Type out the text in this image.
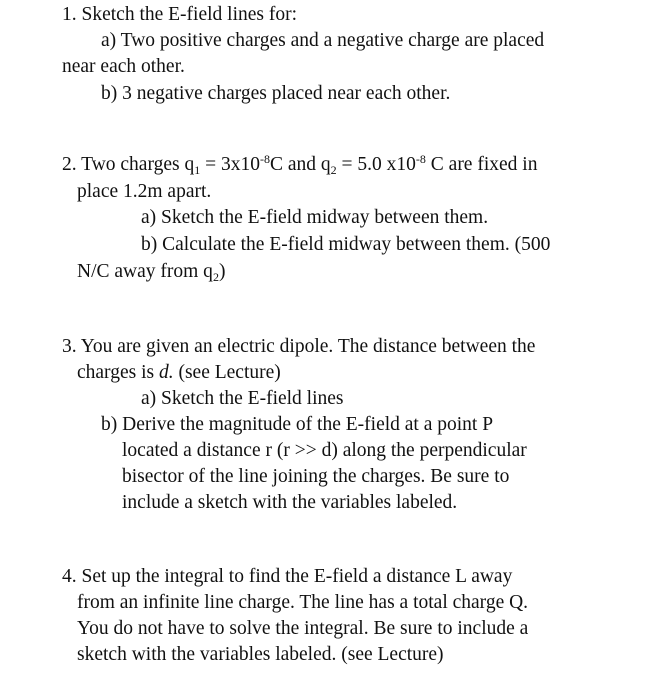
1. Sketch the E-field lines for:
a) Two positive charges and a negative charge are placed
near each other.
b) 3 negative charges placed near each other.
2. Two charges $q_1 = 3x10^{-8}C$ and $q_2 = 5.0$ $x10^{-8}$ C are fixed in
place 1.2m apart.
a) Sketch the E-field midway between them.
b) Calculate the E-field midway between them. (500
N/C away from $q_2$)
3. You are given an electric dipole. The distance between the
charges is d. (see Lecture)
a) Sketch the E-field lines
b) Derive the magnitude of the E-field at a point P
located a distance r (r >> d) along the perpendicular
bisector of the line joining the charges. Be sure to
include a sketch with the variables labeled.
4. Set up the integral to find the E-field a distance L away
from an infinite line charge. The line has a total charge Q.
You do not have to solve the integral. Be sure to include a
sketch with the variables labeled. (see Lecture)
